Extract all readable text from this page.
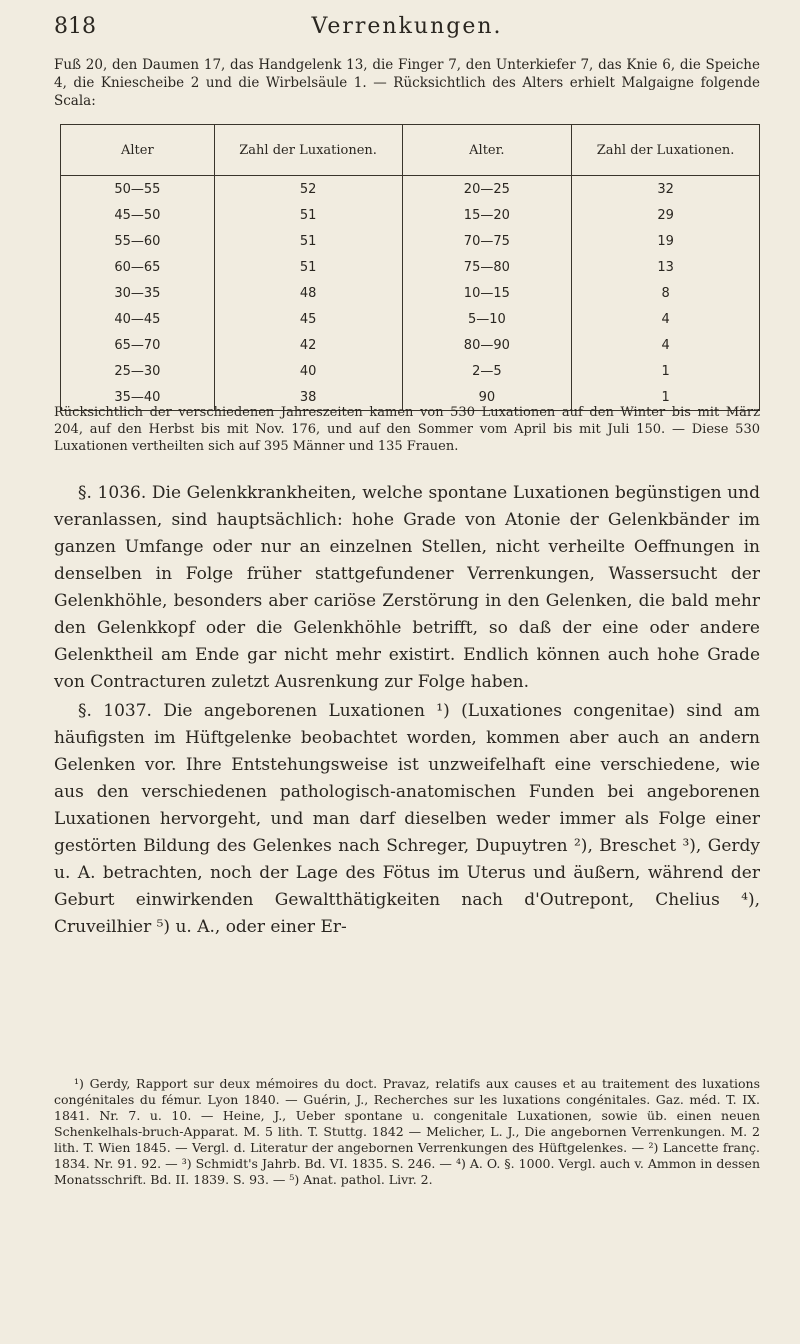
818	Verrenkungen.
Fuß 20, den Daumen 17, das Handgelenk 13, die Finger 7, den Unterkiefer 7, das Knie 6, die Speiche 4, die Kniescheibe 2 und die Wirbelsäule 1. — Rücksichtlich des Alters erhielt Malgaigne folgende Scala:
Alter	Zahl der Luxationen.	Alter.	Zahl der Luxationen.
50—55	52	20—25	32
45—50	51	15—20	29
55—60	51	70—75	19
60—65	51	75—80	13
30—35	48	10—15	8
40—45	45	5—10	4
65—70	42	80—90	4
25—30	40	2—5	1
35—40	38	90	1
Rücksichtlich der verschiedenen Jahreszeiten kamen von 530 Luxationen auf den Winter bis mit März 204, auf den Herbst bis mit Nov. 176, und auf den Sommer vom April bis mit Juli 150. — Diese 530 Luxationen vertheilten sich auf 395 Männer und 135 Frauen.

§. 1036. Die Gelenkkrankheiten, welche spontane Luxationen begünstigen und veranlassen, sind hauptsächlich: hohe Grade von Atonie der Gelenkbänder im ganzen Umfange oder nur an einzelnen Stellen, nicht verheilte Oeffnungen in denselben in Folge früher stattgefundener Verrenkungen, Wassersucht der Gelenkhöhle, besonders aber cariöse Zerstörung in den Gelenken, die bald mehr den Gelenkkopf oder die Gelenkhöhle betrifft, so daß der eine oder andere Gelenktheil am Ende gar nicht mehr existirt. Endlich können auch hohe Grade von Contracturen zuletzt Ausrenkung zur Folge haben.

§. 1037. Die angeborenen Luxationen ¹) (Luxationes congenitae) sind am häufigsten im Hüftgelenke beobachtet worden, kommen aber auch an andern Gelenken vor. Ihre Entstehungsweise ist unzweifelhaft eine verschiedene, wie aus den verschiedenen pathologisch-anatomischen Funden bei angeborenen Luxationen hervorgeht, und man darf dieselben weder immer als Folge einer gestörten Bildung des Gelenkes nach Schreger, Dupuytren ²), Breschet ³), Gerdy u. A. betrachten, noch der Lage des Fötus im Uterus und äußern, während der Geburt einwirkenden Gewaltthätigkeiten nach d'Outrepont, Chelius ⁴), Cruveilhier ⁵) u. A., oder einer Er-

¹) Gerdy, Rapport sur deux mémoires du doct. Pravaz, relatifs aux causes et au traitement des luxations congénitales du fémur. Lyon 1840. — Guérin, J., Recherches sur les luxations congénitales. Gaz. méd. T. IX. 1841. Nr. 7. u. 10. — Heine, J., Ueber spontane u. congenitale Luxationen, sowie üb. einen neuen Schenkelhals-bruch-Apparat. M. 5 lith. T. Stuttg. 1842 — Melicher, L. J., Die angebornen Verrenkungen. M. 2 lith. T. Wien 1845. — Vergl. d. Literatur der angebornen Verrenkungen des Hüftgelenkes. — ²) Lancette franç. 1834. Nr. 91. 92. — ³) Schmidt's Jahrb. Bd. VI. 1835. S. 246. — ⁴) A. O. §. 1000. Vergl. auch v. Ammon in dessen Monatsschrift. Bd. II. 1839. S. 93. — ⁵) Anat. pathol. Livr. 2.
